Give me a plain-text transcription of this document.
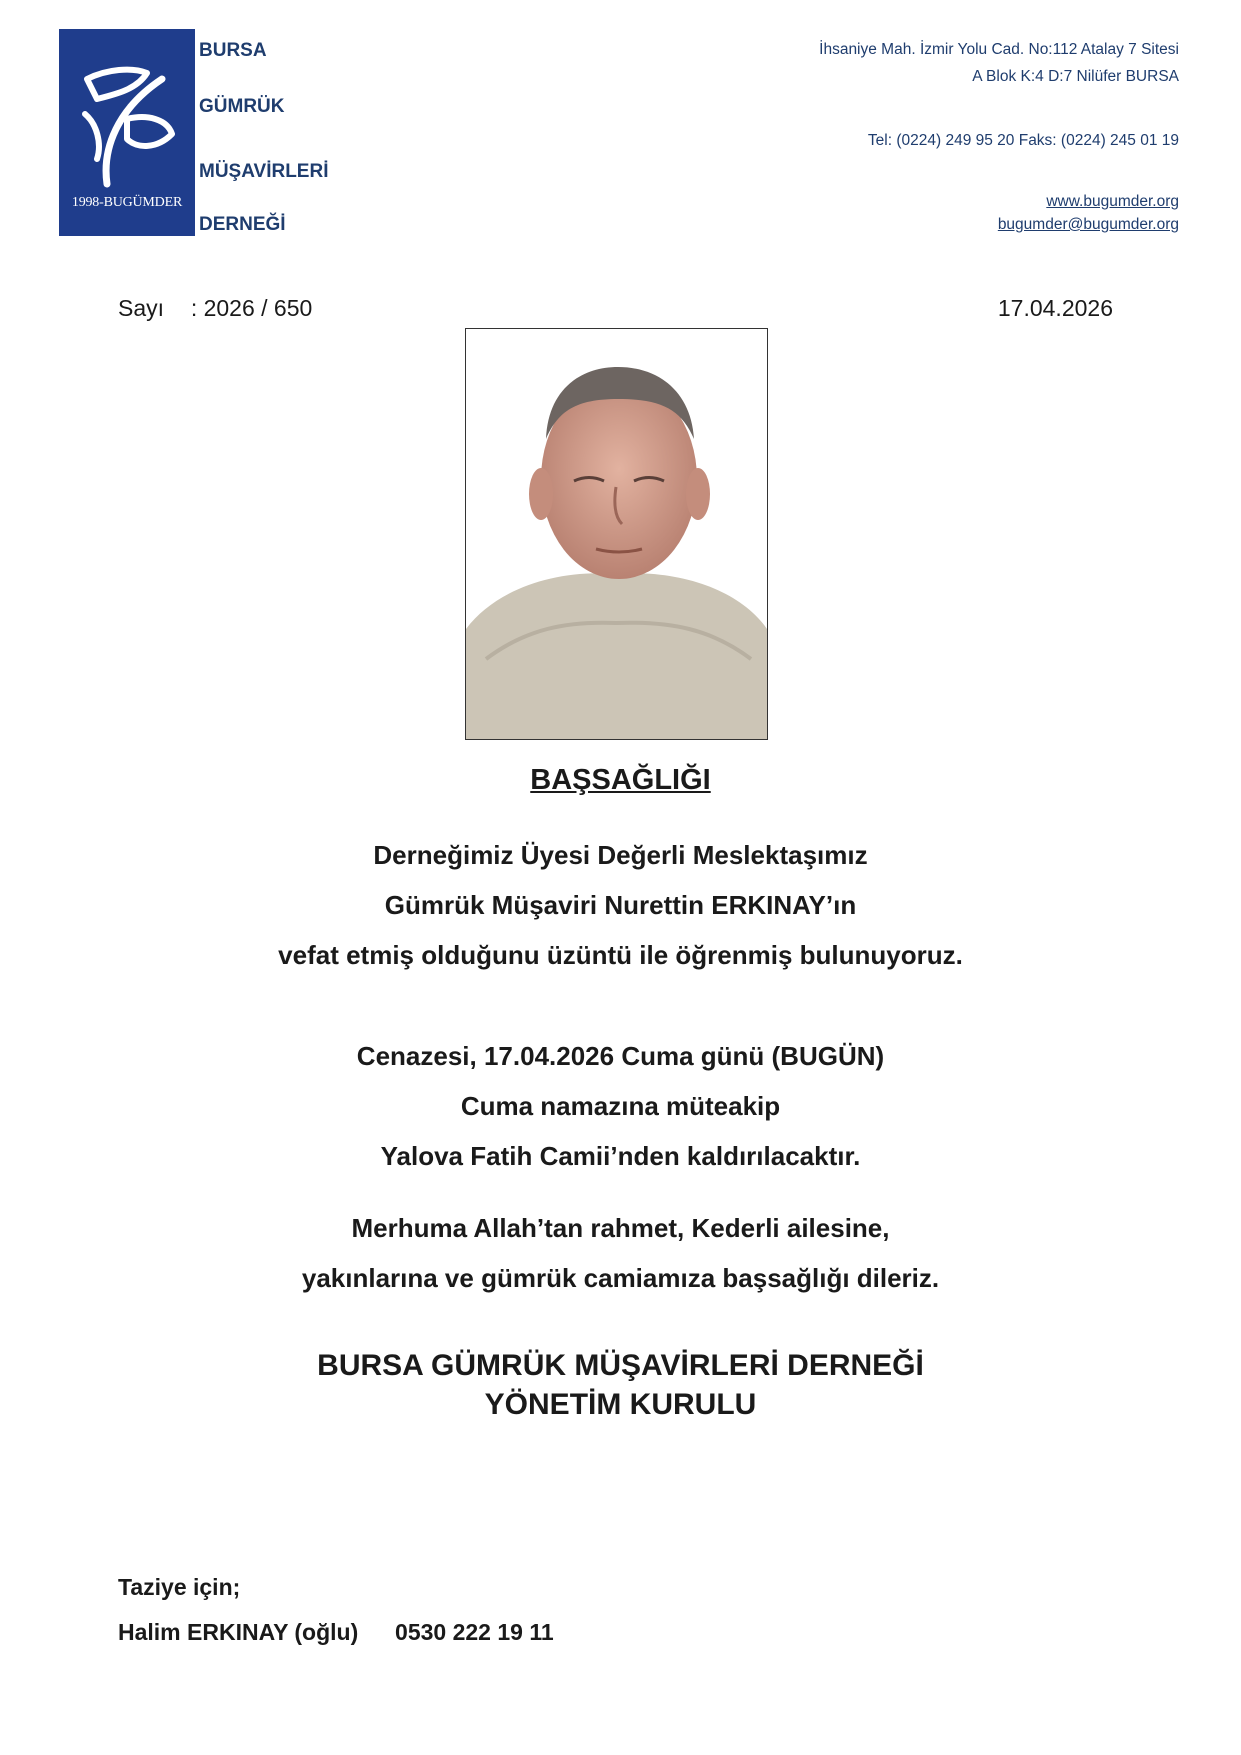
1998-BUGÜMDER
BURSA
GÜMRÜK
MÜŞAVİRLERİ
DERNEĞİ
İhsaniye Mah. İzmir Yolu Cad. No:112 Atalay 7 Sitesi
A Blok K:4 D:7 Nilüfer BURSA
Tel: (0224) 249 95 20 Faks: (0224) 245 01 19
www.bugumder.org
bugumder@bugumder.org
Sayı : 2026 / 650	17.04.2026
BAŞSAĞLIĞI
Derneğimiz Üyesi Değerli Meslektaşımız
Gümrük Müşaviri Nurettin ERKINAY’ın
vefat etmiş olduğunu üzüntü ile öğrenmiş bulunuyoruz.
Cenazesi, 17.04.2026 Cuma günü (BUGÜN)
Cuma namazına müteakip
Yalova Fatih Camii’nden kaldırılacaktır.
Merhuma Allah’tan rahmet, Kederli ailesine,
yakınlarına ve gümrük camiamıza başsağlığı dileriz.
BURSA GÜMRÜK MÜŞAVİRLERİ DERNEĞİ
YÖNETİM KURULU
Taziye için;
Halim ERKINAY (oğlu) 0530 222 19 11
